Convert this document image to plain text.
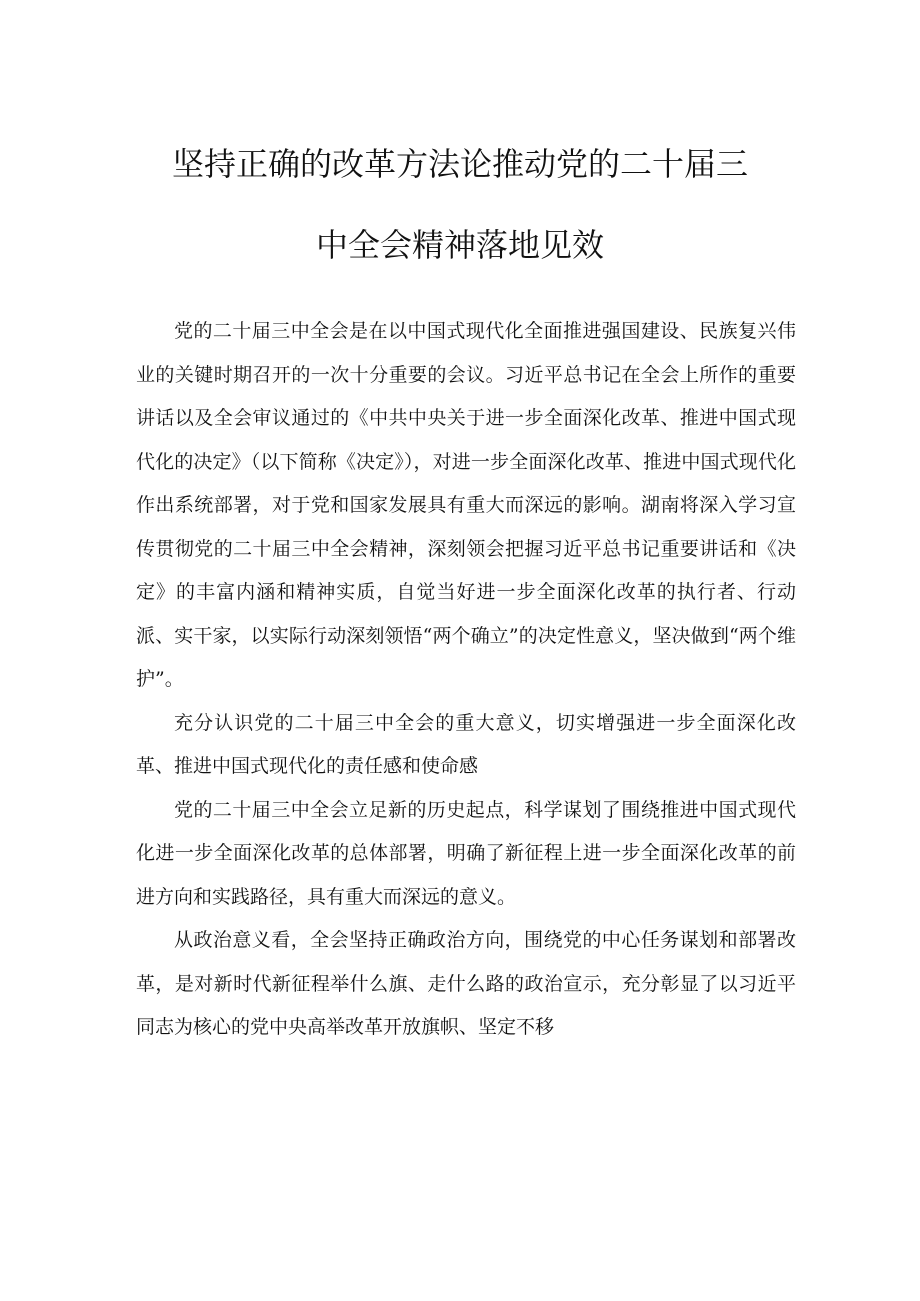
坚持正确的改革方法论推动党的二十届三
中全会精神落地见效

党的二十届三中全会是在以中国式现代化全面推进强国建设、民族复兴伟业的关键时期召开的一次十分重要的会议。习近平总书记在全会上所作的重要讲话以及全会审议通过的《中共中央关于进一步全面深化改革、推进中国式现代化的决定》（以下简称《决定》），对进一步全面深化改革、推进中国式现代化作出系统部署，对于党和国家发展具有重大而深远的影响。湖南将深入学习宣传贯彻党的二十届三中全会精神，深刻领会把握习近平总书记重要讲话和《决定》的丰富内涵和精神实质，自觉当好进一步全面深化改革的执行者、行动派、实干家，以实际行动深刻领悟“两个确立”的决定性意义，坚决做到“两个维护”。

充分认识党的二十届三中全会的重大意义，切实增强进一步全面深化改革、推进中国式现代化的责任感和使命感

党的二十届三中全会立足新的历史起点，科学谋划了围绕推进中国式现代化进一步全面深化改革的总体部署，明确了新征程上进一步全面深化改革的前进方向和实践路径，具有重大而深远的意义。

从政治意义看，全会坚持正确政治方向，围绕党的中心任务谋划和部署改革，是对新时代新征程举什么旗、走什么路的政治宣示，充分彰显了以习近平同志为核心的党中央高举改革开放旗帜、坚定不移
